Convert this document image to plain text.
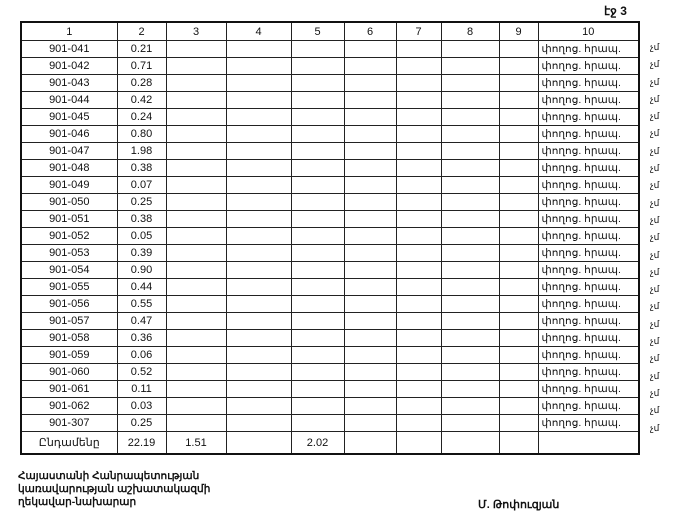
էջ 3
1	2	3	4	5	6	7	8	9	10
901-041	0.21								փողոց. հրապ.
901-042	0.71								փողոց. հրապ.
901-043	0.28								փողոց. հրապ.
901-044	0.42								փողոց. հրապ.
901-045	0.24								փողոց. հրապ.
901-046	0.80								փողոց. հրապ.
901-047	1.98								փողոց. հրապ.
901-048	0.38								փողոց. հրապ.
901-049	0.07								փողոց. հրապ.
901-050	0.25								փողոց. հրապ.
901-051	0.38								փողոց. հրապ.
901-052	0.05								փողոց. հրապ.
901-053	0.39								փողոց. հրապ.
901-054	0.90								փողոց. հրապ.
901-055	0.44								փողոց. հրապ.
901-056	0.55								փողոց. հրապ.
901-057	0.47								փողոց. հրապ.
901-058	0.36								փողոց. հրապ.
901-059	0.06								փողոց. հրապ.
901-060	0.52								փողոց. հրապ.
901-061	0.11								փողոց. հրապ.
901-062	0.03								փողոց. հրապ.
901-307	0.25								փողոց. հրապ.
Ընդամենը	22.19	1.51		2.02					
չմ
չմ
չմ
չմ
չմ
չմ
չմ
չմ
չմ
չմ
չմ
չմ
չմ
չմ
չմ
չմ
չմ
չմ
չմ
չմ
չմ
չմ
չմ
Հայաստանի Հանրապետության
կառավարության աշխատակազմի
ղեկավար-նախարար	Մ. Թոփուզյան
